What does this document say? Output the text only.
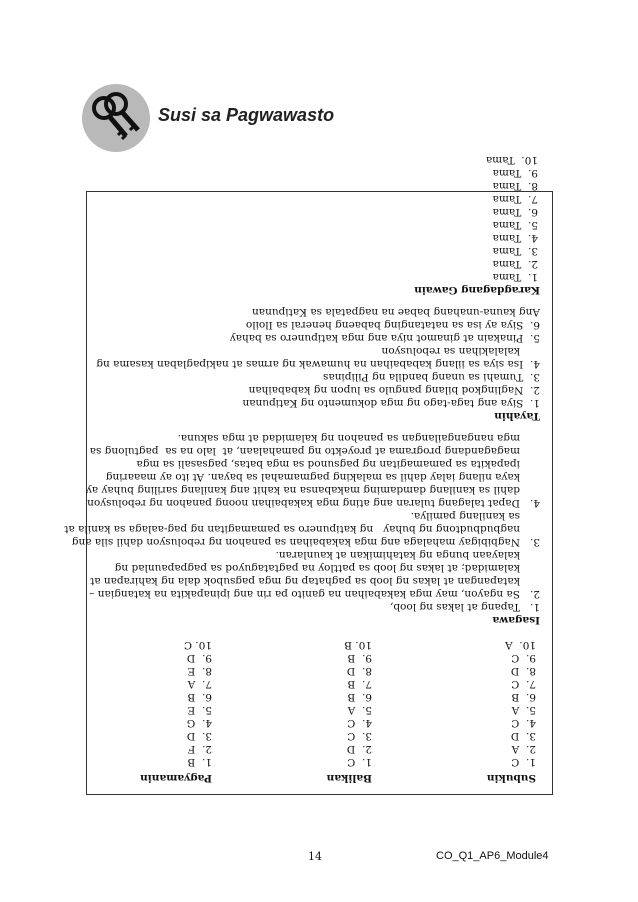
Susi sa Pagwawasto
Subukin
Balikan
Pagyamanin
1.  C
2.  A
3.  D
4.  C
5.  A
6.  B
7.  C
8.  D
9.  C
10.  A
1.  C
2.  D
3.  C
4.  C
5.  A
6.  B
7.  B
8.  D
9.  B
10. B
1.  B
2.  F
3.  D
4.  G
5.  E
6.  B
7.  A
8.  E
9.  D
10. C
Isagawa
1.   Tapang at lakas ng loob,
2.   Sa ngayon, may mga kakabaihan na ganito pa rin ang ipinapakita na katangian –
katapangan at lakas ng loob sa paghatap ng mga pagsubok dala ng kahirapan at
kalamidad; at lakas ng loob sa pattloy na pagtataguyod sa pagpapaunlad ng
kalayaan bunga ng katahimikan at kaunlaran.
3.   Nagbibigay mahalaga ang mga kakabaihan sa panahon ng rebolusyon dahil sila ang
nagbudbudtong ng buhay   ng katipunero sa pamamagitan ng pag-aalaga sa kanila at
sa kanilang pamilya.
4.   Dapat talagang tularan ang ating mga kakabaihan noong panahon ng rebolusyon
dahil sa kanilang damdaming makabansa na kahit ang kanilang sariling buhay ay
kaya nilang ialay dahil sa malaking pagmamahal sa bayan. At ito ay maaaring
ipapakita sa pamamagitan ng pagsunod sa mga batas, pagsasali sa mga
magagandang programa at proyekto ng pamahalaan, at  lalo na sa  pagtulong sa
mga nangangailangan sa panahon ng kalamidad at mga sakuna.
Tayahin
1.  Siya ang taga-tago ng mga dokumento ng Katipunan
2.  Naglingkod bilang pangulo sa lupon ng kababaihan
3.  Tumahi sa unang bandila ng Pilipinas
4.  Isa siya sa iilang kababaihan na humawak ng armas at nakipaglaban kasama ng
kalalakihan sa rebolusyon
5.  Pinakain at ginamot niya ang mga katipunero sa bahay
6.  Siya ay isa sa natatanging babaeng heneral sa Iloilo
Ang kauna-unahang babae na nagpatala sa Katipunan
Karagdagang Gawain
1.  Tama
2.  Tama
3.  Tama
4.  Tama
5.  Tama
6.  Tama
7.  Tama
8.  Tama
9.  Tama
10.  Tama
14	CO_Q1_AP6_Module4
